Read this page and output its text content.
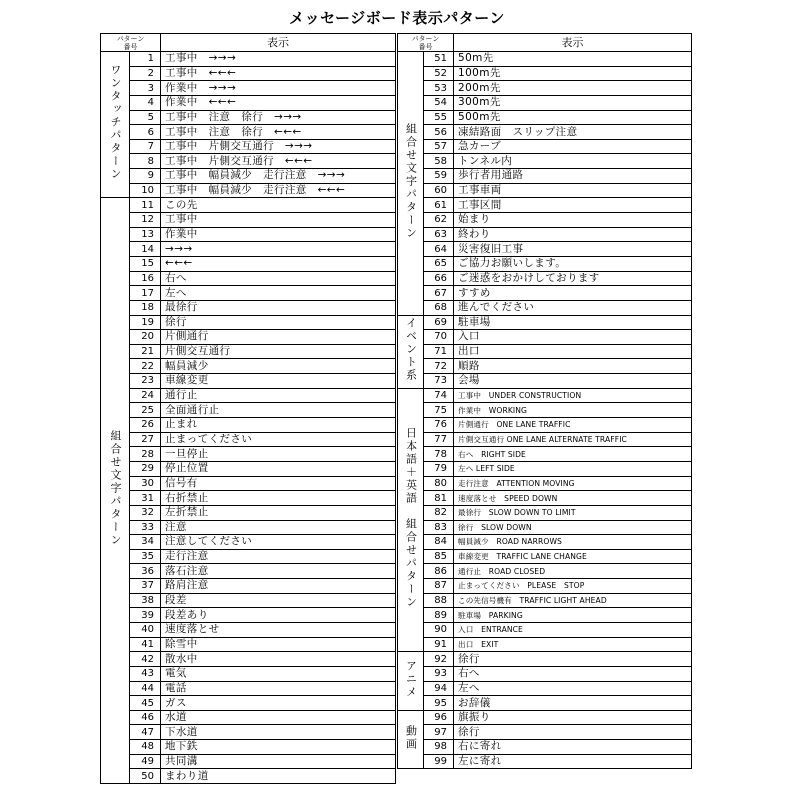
メッセージボード表示パターン
パターン
番号		表示
ワンタッチパターン	1	工事中　→→→
	2	工事中　←←←
	3	作業中　→→→
	4	作業中　←←←
	5	工事中　注意　徐行　→→→
	6	工事中　注意　徐行　←←←
	7	工事中　片側交互通行　→→→
	8	工事中　片側交互通行　←←←
	9	工事中　幅員減少　走行注意　→→→
	10	工事中　幅員減少　走行注意　←←←
組合せ文字パターン	11	この先
	12	工事中
	13	作業中
	14	→→→
	15	←←←
	16	右へ
	17	左へ
	18	最徐行
	19	徐行
	20	片側通行
	21	片側交互通行
	22	幅員減少
	23	車線変更
	24	通行止
	25	全面通行止
	26	止まれ
	27	止まってください
	28	一旦停止
	29	停止位置
	30	信号有
	31	右折禁止
	32	左折禁止
	33	注意
	34	注意してください
	35	走行注意
	36	落石注意
	37	路肩注意
	38	段差
	39	段差あり
	40	速度落とせ
	41	除雪中
	42	散水中
	43	電気
	44	電話
	45	ガス
	46	水道
	47	下水道
	48	地下鉄
	49	共同溝
	50	まわり道
パターン
番号		表示
組合せ文字パターン	51	50m先
	52	100m先
	53	200m先
	54	300m先
	55	500m先
	56	凍結路面　スリップ注意
	57	急カーブ
	58	トンネル内
	59	歩行者用通路
	60	工事車両
	61	工事区間
	62	始まり
	63	終わり
	64	災害復旧工事
	65	ご協力お願いします。
	66	ご迷惑をおかけしております
	67	すすめ
	68	進んでください
イベント系	69	駐車場
	70	入口
	71	出口
	72	順路
	73	会場
日本語＋英語　組合せパターン	74	工事中　UNDER CONSTRUCTION
	75	作業中　WORKING
	76	片側通行　ONE LANE TRAFFIC
	77	片側交互通行 ONE LANE ALTERNATE TRAFFIC
	78	右へ　RIGHT SIDE
	79	左へ LEFT SIDE
	80	走行注意　ATTENTION MOVING
	81	速度落とせ　SPEED DOWN
	82	最徐行　SLOW DOWN TO LIMIT
	83	徐行　SLOW DOWN
	84	幅員減少　ROAD NARROWS
	85	車線変更　TRAFFIC LANE CHANGE
	86	通行止　ROAD CLOSED
	87	止まってください　PLEASE　STOP
	88	この先信号機有　TRAFFIC LIGHT AHEAD
	89	駐車場　PARKING
	90	入口　ENTRANCE
	91	出口　EXIT
アニメ	92	徐行
	93	右へ
	94	左へ
	95	お辞儀
動画	96	旗振り
	97	徐行
	98	右に寄れ
	99	左に寄れ
